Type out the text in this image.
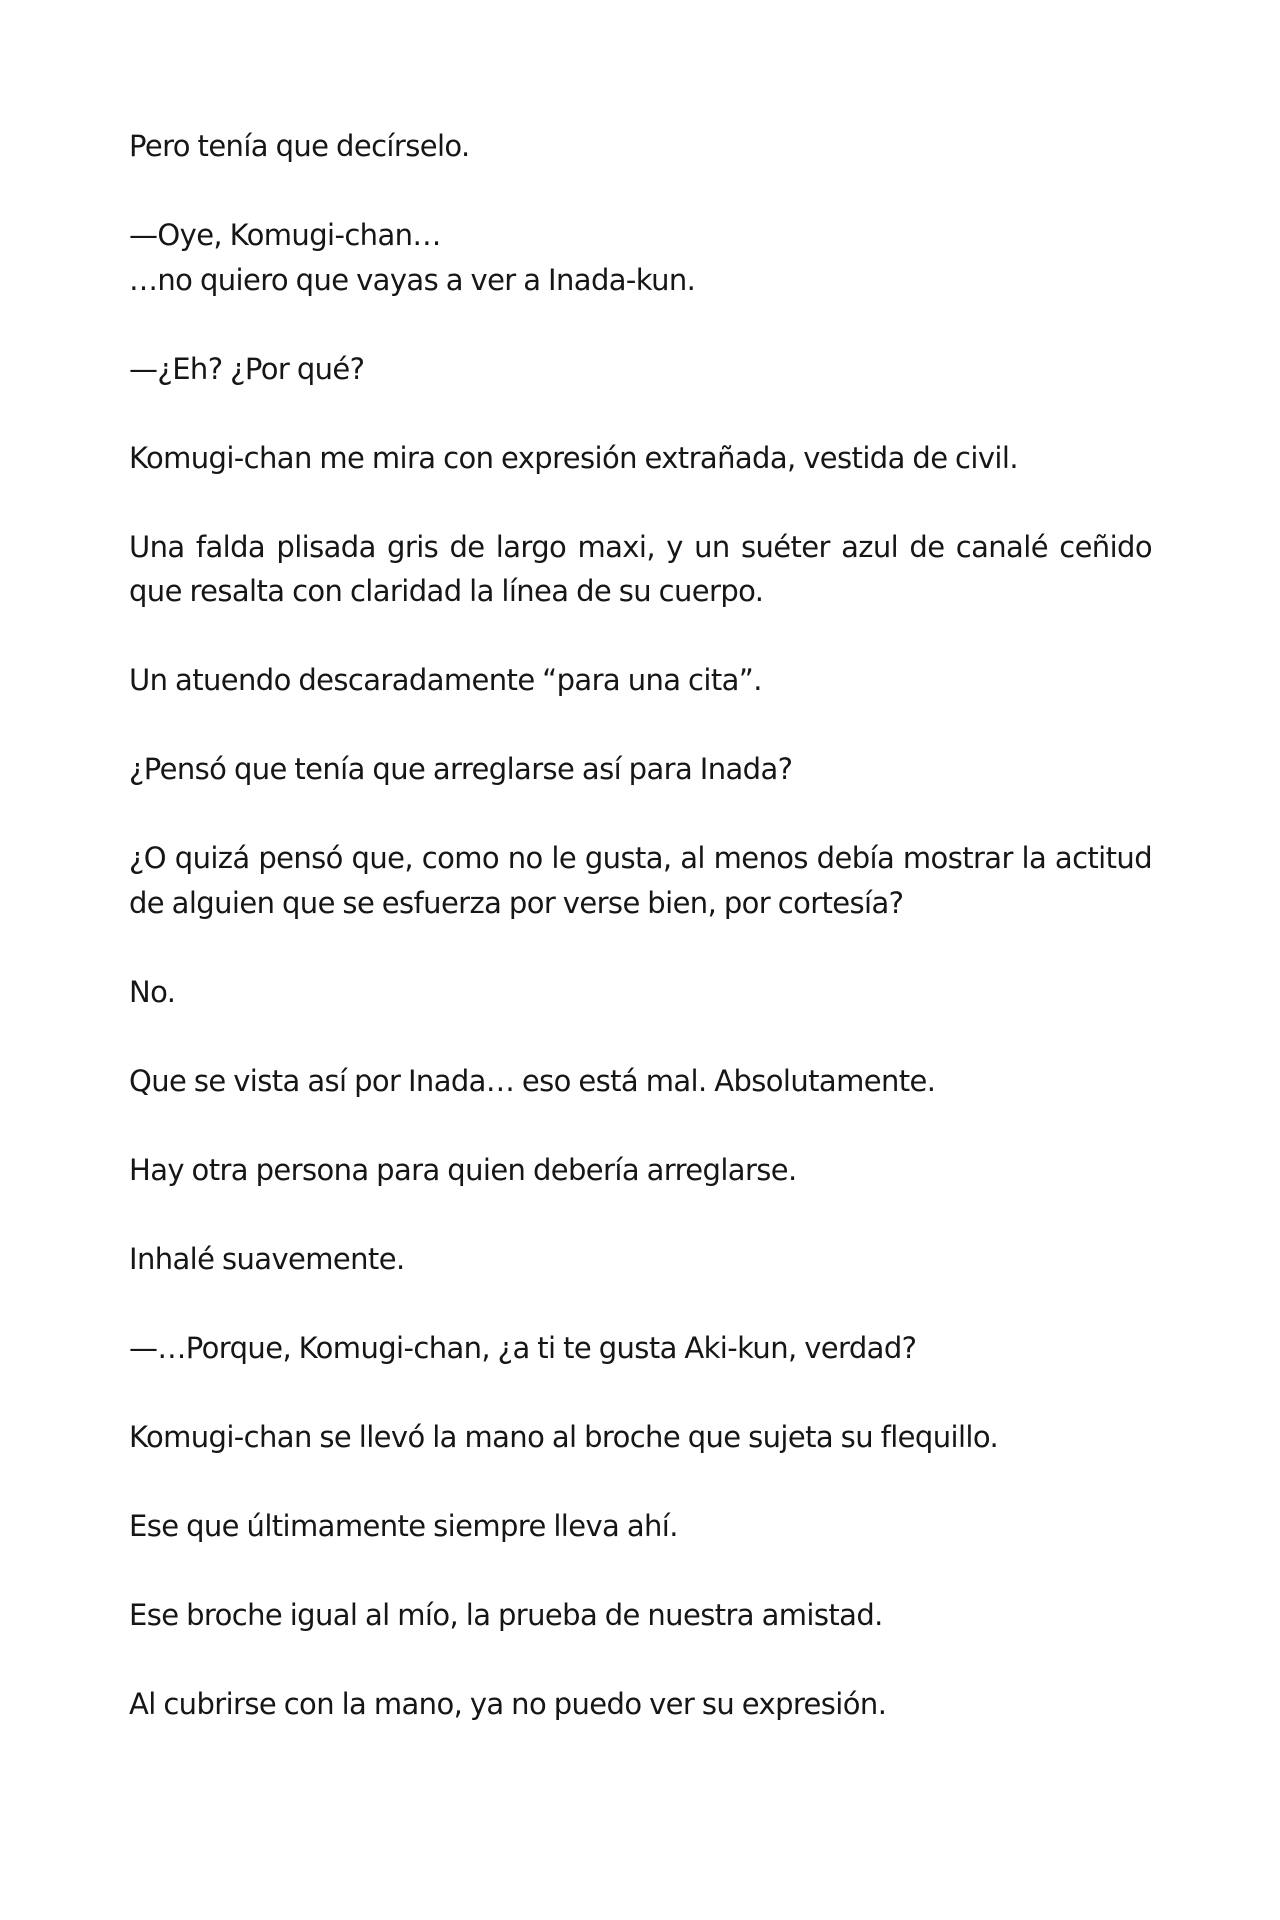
Pero tenía que decírselo.

—Oye, Komugi-chan…
…no quiero que vayas a ver a Inada-kun.

—¿Eh? ¿Por qué?

Komugi-chan me mira con expresión extrañada, vestida de civil.

Una falda plisada gris de largo maxi, y un suéter azul de canalé ceñido que resalta con claridad la línea de su cuerpo.

Un atuendo descaradamente “para una cita”.

¿Pensó que tenía que arreglarse así para Inada?

¿O quizá pensó que, como no le gusta, al menos debía mostrar la actitud de alguien que se esfuerza por verse bien, por cortesía?

No.

Que se vista así por Inada… eso está mal. Absolutamente.

Hay otra persona para quien debería arreglarse.

Inhalé suavemente.

—…Porque, Komugi-chan, ¿a ti te gusta Aki-kun, verdad?

Komugi-chan se llevó la mano al broche que sujeta su flequillo.

Ese que últimamente siempre lleva ahí.

Ese broche igual al mío, la prueba de nuestra amistad.

Al cubrirse con la mano, ya no puedo ver su expresión.
